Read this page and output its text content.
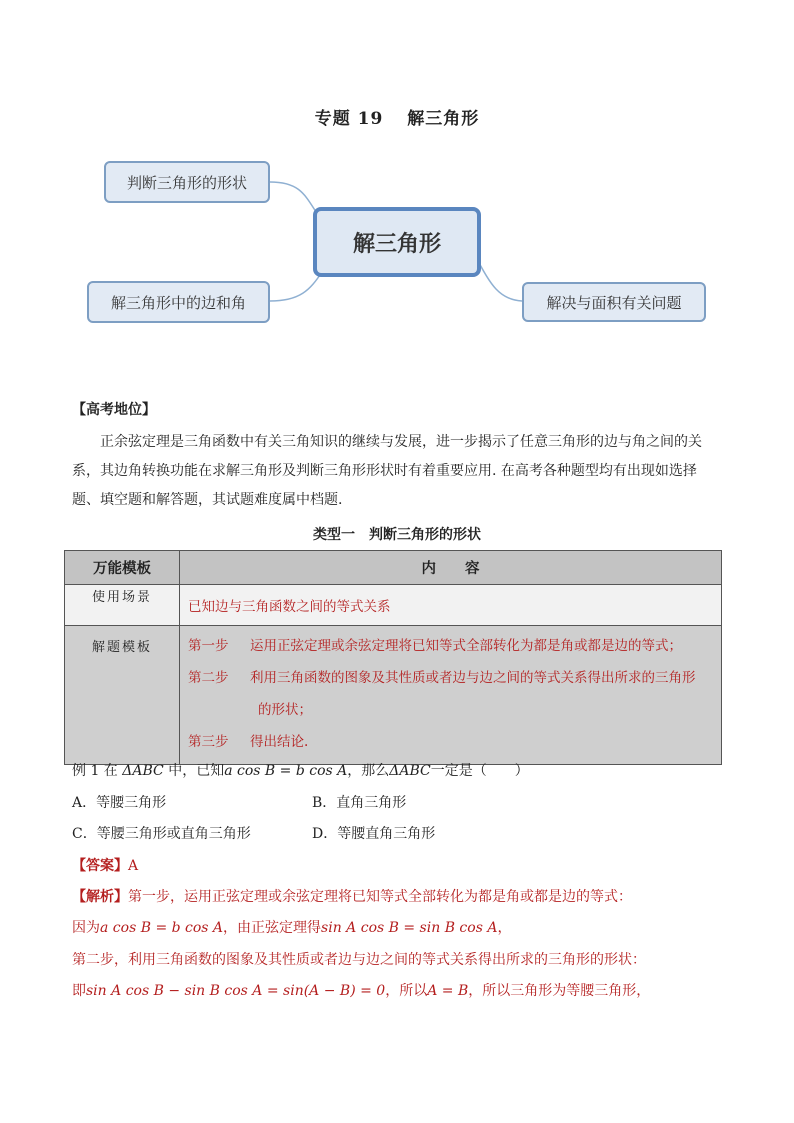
专题 19 解三角形
解三角形
判断三角形的形状
解三角形中的边和角	解决与面积有关问题
【高考地位】
正余弦定理是三角函数中有关三角知识的继续与发展，进一步揭示了任意三角形的边与角之间的关系，其边角转换功能在求解三角形及判断三角形形状时有着重要应用. 在高考各种题型均有出现如选择题、填空题和解答题，其试题难度属中档题.
类型一 判断三角形的形状
万能模板	内　　容
使用场景	已知边与三角函数之间的等式关系
解题模板	第一步 运用正弦定理或余弦定理将已知等式全部转化为都是角或都是边的等式；
第二步 利用三角函数的图象及其性质或者边与边之间的等式关系得出所求的三角形
的形状；
第三步 得出结论.
例 1 在 ΔABC 中，已知a cos B = b cos A，那么ΔABC一定是（　　）
A．等腰三角形	B．直角三角形
C．等腰三角形或直角三角形	D．等腰直角三角形
【答案】A
【解析】第一步，运用正弦定理或余弦定理将已知等式全部转化为都是角或都是边的等式：
因为a cos B = b cos A，由正弦定理得sin A cos B = sin B cos A，
第二步，利用三角函数的图象及其性质或者边与边之间的等式关系得出所求的三角形的形状：
即sin A cos B − sin B cos A = sin(A − B) = 0，所以A = B，所以三角形为等腰三角形，
